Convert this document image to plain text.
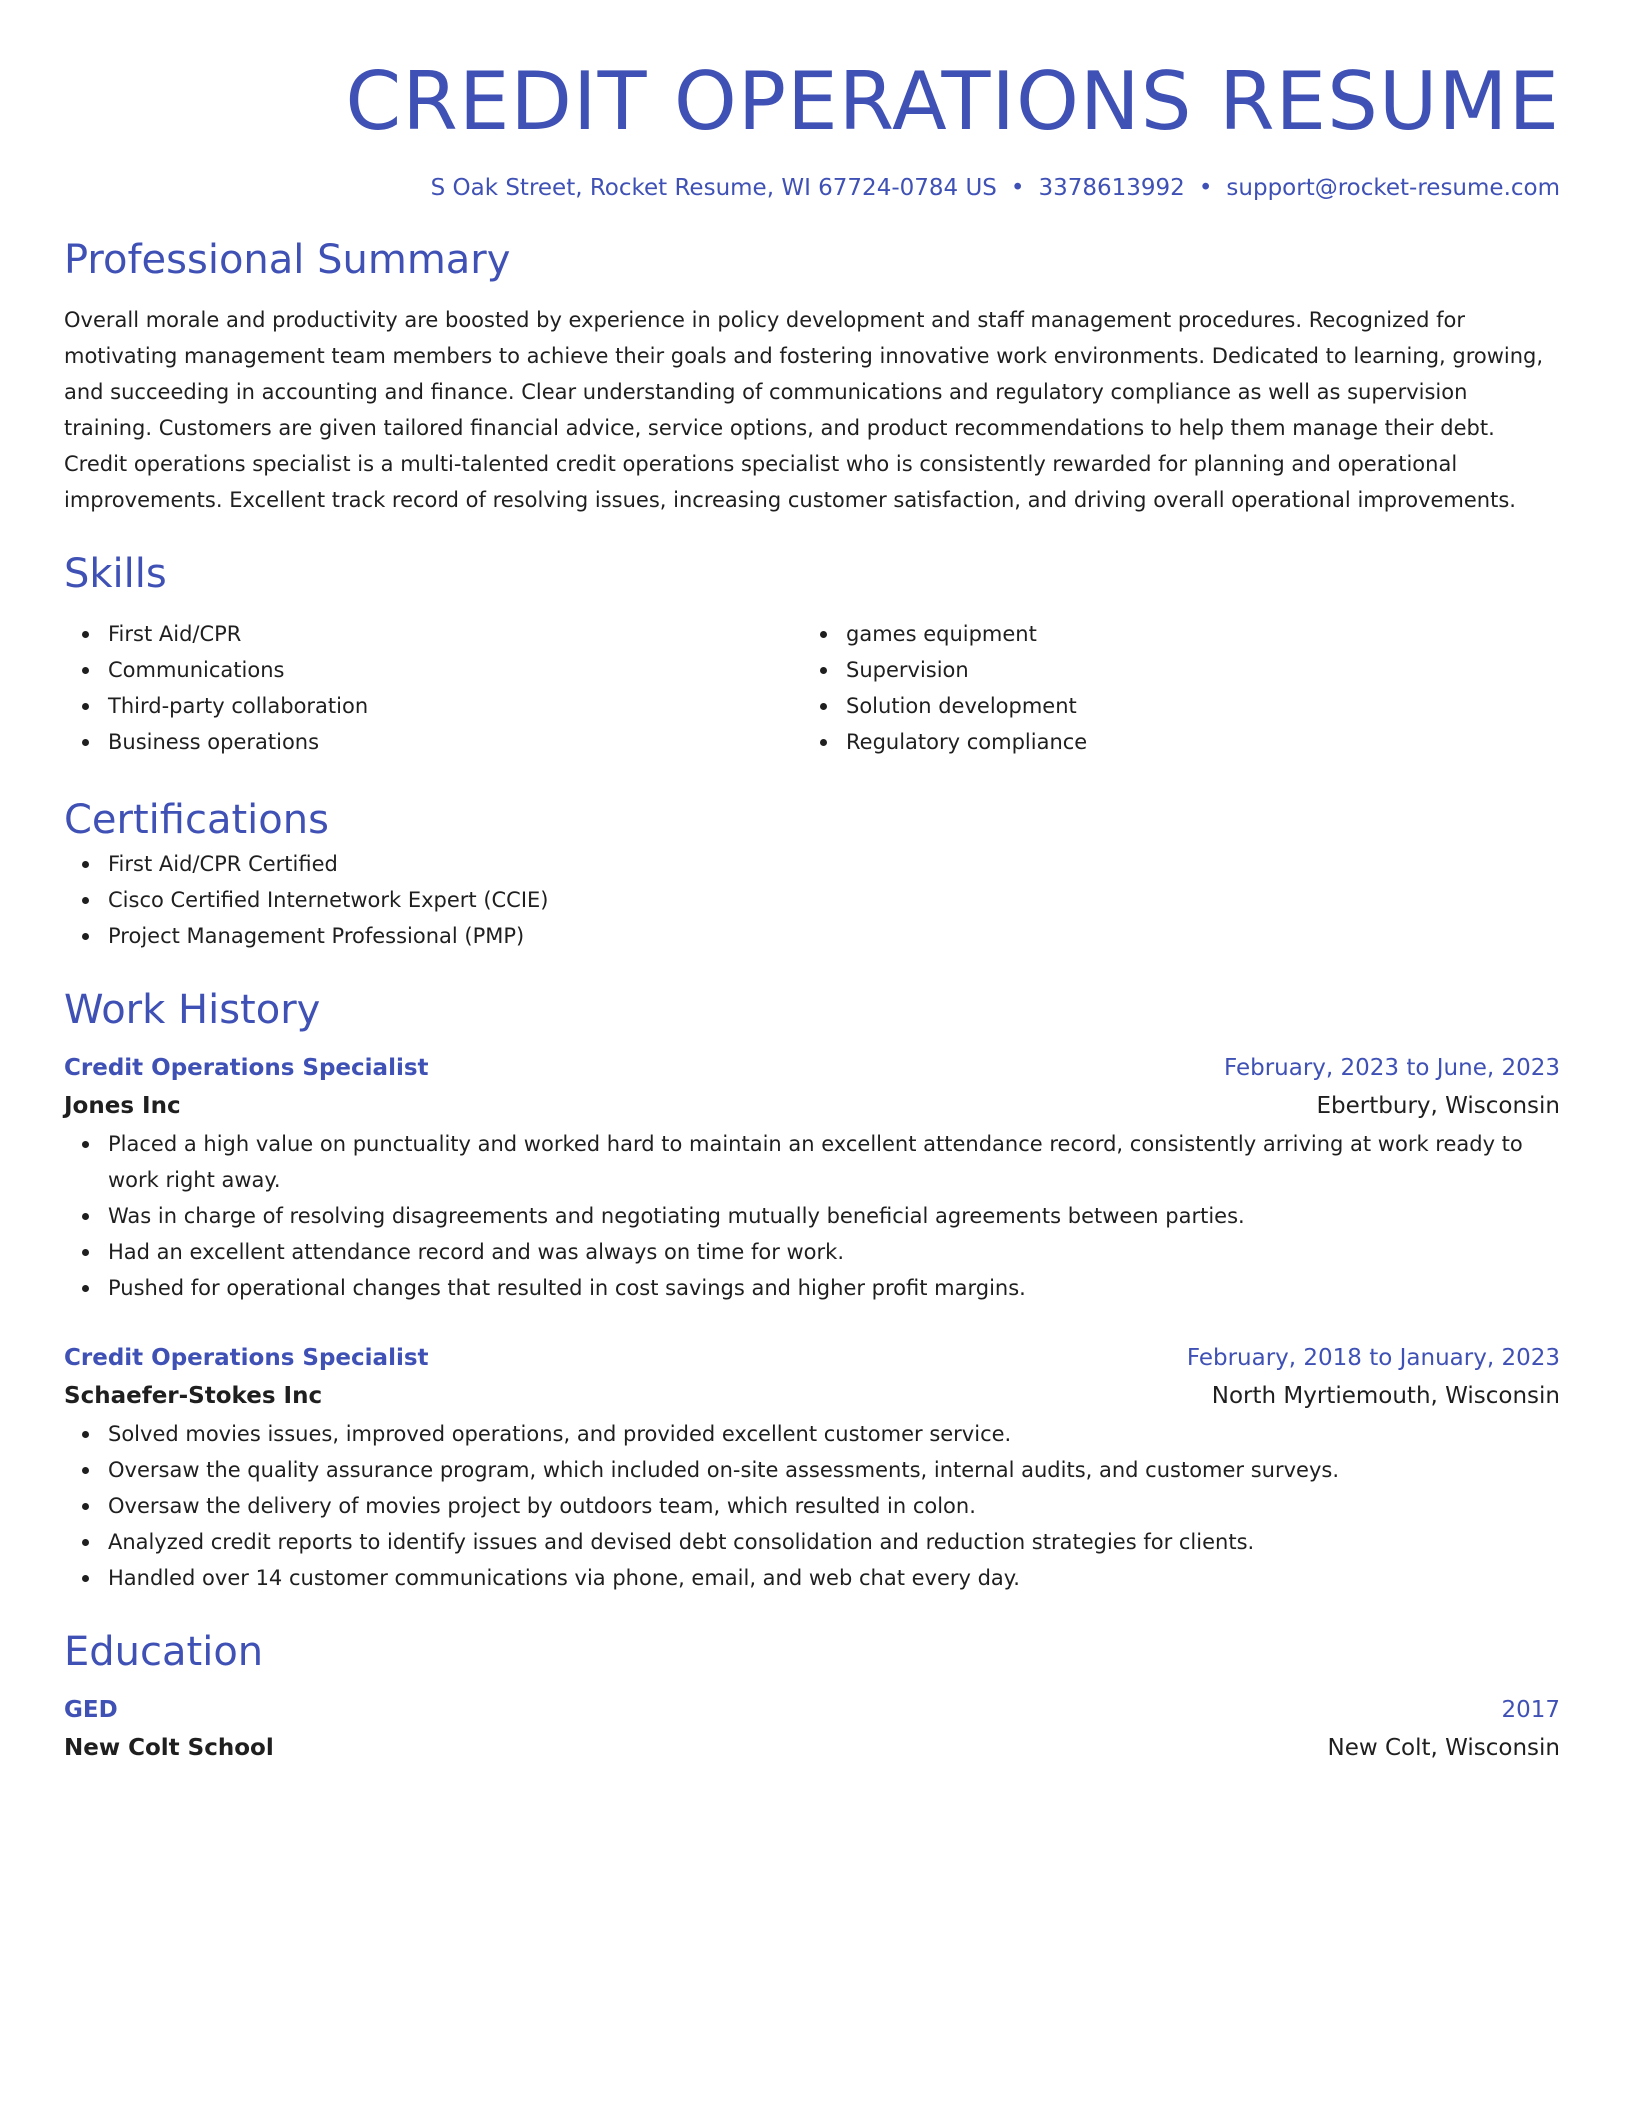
CREDIT OPERATIONS RESUME
S Oak Street, Rocket Resume, WI 67724-0784 US • 3378613992 • support@rocket-resume.com
Professional Summary
Overall morale and productivity are boosted by experience in policy development and staff management procedures. Recognized for motivating management team members to achieve their goals and fostering innovative work environments. Dedicated to learning, growing, and succeeding in accounting and finance. Clear understanding of communications and regulatory compliance as well as supervision training. Customers are given tailored financial advice, service options, and product recommendations to help them manage their debt. Credit operations specialist is a multi-talented credit operations specialist who is consistently rewarded for planning and operational improvements. Excellent track record of resolving issues, increasing customer satisfaction, and driving overall operational improvements.
Skills
First Aid/CPR
Communications
Third-party collaboration
Business operations
games equipment
Supervision
Solution development
Regulatory compliance
Certifications
First Aid/CPR Certified
Cisco Certified Internetwork Expert (CCIE)
Project Management Professional (PMP)
Work History
Credit Operations Specialist	February, 2023 to June, 2023
Jones Inc	Ebertbury, Wisconsin
Placed a high value on punctuality and worked hard to maintain an excellent attendance record, consistently arriving at work ready to work right away.
Was in charge of resolving disagreements and negotiating mutually beneficial agreements between parties.
Had an excellent attendance record and was always on time for work.
Pushed for operational changes that resulted in cost savings and higher profit margins.
Credit Operations Specialist	February, 2018 to January, 2023
Schaefer-Stokes Inc	North Myrtiemouth, Wisconsin
Solved movies issues, improved operations, and provided excellent customer service.
Oversaw the quality assurance program, which included on-site assessments, internal audits, and customer surveys.
Oversaw the delivery of movies project by outdoors team, which resulted in colon.
Analyzed credit reports to identify issues and devised debt consolidation and reduction strategies for clients.
Handled over 14 customer communications via phone, email, and web chat every day.
Education
GED	2017
New Colt School	New Colt, Wisconsin
